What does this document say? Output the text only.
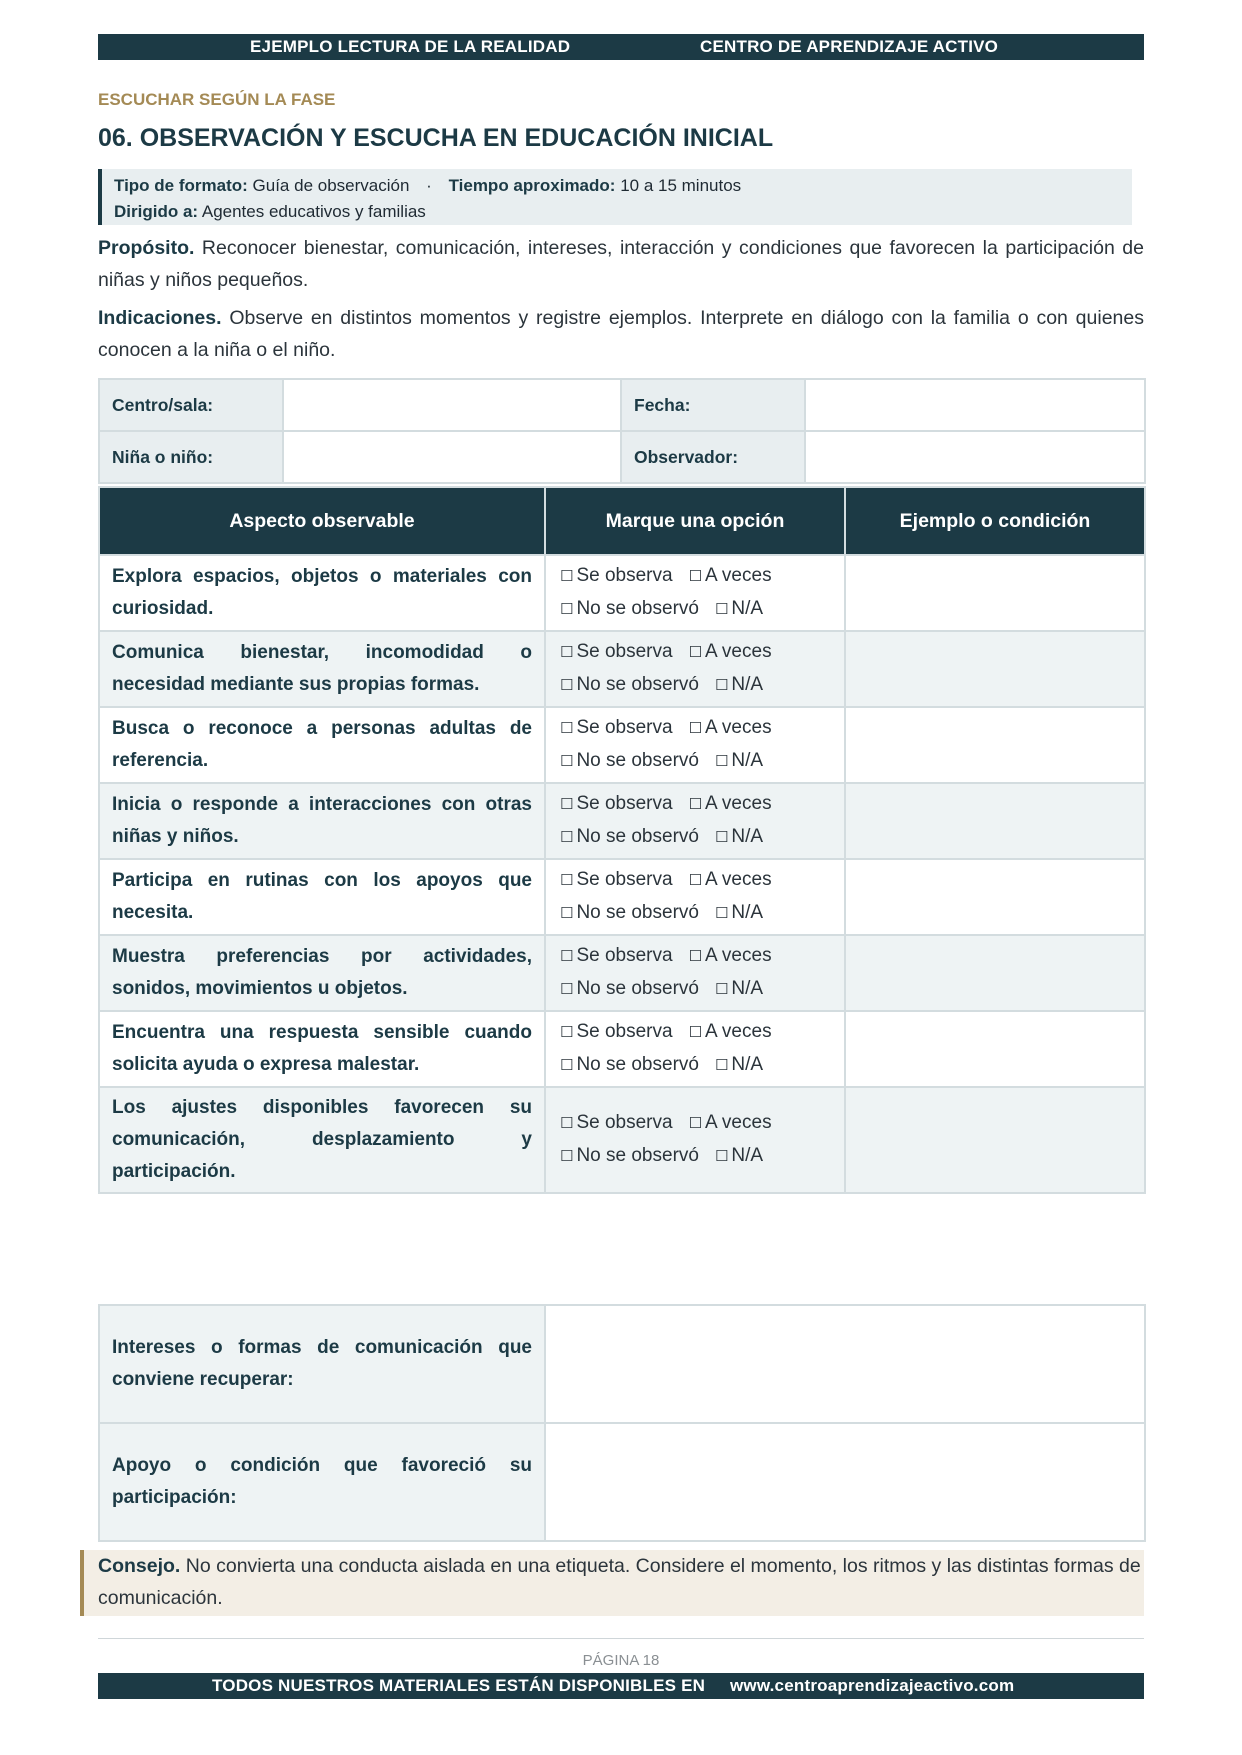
EJEMPLO LECTURA DE LA REALIDAD	CENTRO DE APRENDIZAJE ACTIVO
ESCUCHAR SEGÚN LA FASE
06. OBSERVACIÓN Y ESCUCHA EN EDUCACIÓN INICIAL
Tipo de formato: Guía de observación · Tiempo aproximado: 10 a 15 minutos
Dirigido a: Agentes educativos y familias
Propósito. Reconocer bienestar, comunicación, intereses, interacción y condiciones que favorecen la participación de niñas y niños pequeños.
Indicaciones. Observe en distintos momentos y registre ejemplos. Interprete en diálogo con la familia o con quienes conocen a la niña o el niño.
Centro/sala:		Fecha:	
Niña o niño:		Observador:	
Aspecto observable	Marque una opción	Ejemplo o condición
Explora espacios, objetos o materiales con curiosidad.	☐ Se observa ☐ A veces
☐ No se observó ☐ N/A	

Comunica bienestar, incomodidad o necesidad mediante sus propias formas.	☐ Se observa ☐ A veces
☐ No se observó ☐ N/A	

Busca o reconoce a personas adultas de referencia.	☐ Se observa ☐ A veces
☐ No se observó ☐ N/A	

Inicia o responde a interacciones con otras niñas y niños.	☐ Se observa ☐ A veces
☐ No se observó ☐ N/A	

Participa en rutinas con los apoyos que necesita.	☐ Se observa ☐ A veces
☐ No se observó ☐ N/A	

Muestra preferencias por actividades, sonidos, movimientos u objetos.	☐ Se observa ☐ A veces
☐ No se observó ☐ N/A	

Encuentra una respuesta sensible cuando solicita ayuda o expresa malestar.	☐ Se observa ☐ A veces
☐ No se observó ☐ N/A	

Los ajustes disponibles favorecen su comunicación, desplazamiento y participación.	☐ Se observa ☐ A veces
☐ No se observó ☐ N/A	

Intereses o formas de comunicación que conviene recuperar:	
Apoyo o condición que favoreció su participación:	
Consejo. No convierta una conducta aislada en una etiqueta. Considere el momento, los ritmos y las distintas formas de comunicación.
PÁGINA 18
TODOS NUESTROS MATERIALES ESTÁN DISPONIBLES EN www.centroaprendizajeactivo.com
